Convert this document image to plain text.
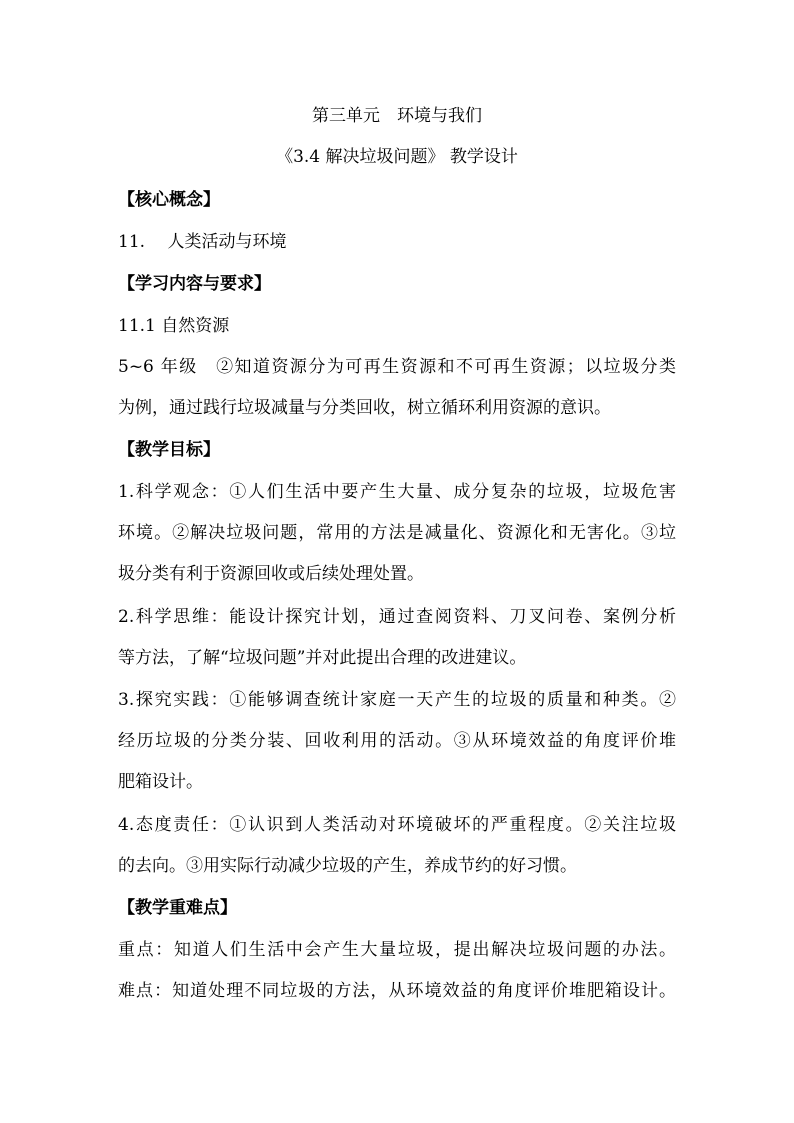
第三单元　环境与我们
《3.4 解决垃圾问题》 教学设计
【核心概念】
11.　 人类活动与环境
【学习内容与要求】
11.1 自然资源
5~6 年级　②知道资源分为可再生资源和不可再生资源；以垃圾分类
为例，通过践行垃圾减量与分类回收，树立循环利用资源的意识。
【教学目标】
1.科学观念：①人们生活中要产生大量、成分复杂的垃圾，垃圾危害
环境。②解决垃圾问题，常用的方法是减量化、资源化和无害化。③垃
圾分类有利于资源回收或后续处理处置。
2.科学思维：能设计探究计划，通过查阅资料、刀叉问卷、案例分析
等方法，了解“垃圾问题”并对此提出合理的改进建议。
3.探究实践：①能够调查统计家庭一天产生的垃圾的质量和种类。②
经历垃圾的分类分装、回收利用的活动。③从环境效益的角度评价堆
肥箱设计。
4.态度责任：①认识到人类活动对环境破坏的严重程度。②关注垃圾
的去向。③用实际行动减少垃圾的产生，养成节约的好习惯。
【教学重难点】
重点：知道人们生活中会产生大量垃圾，提出解决垃圾问题的办法。
难点：知道处理不同垃圾的方法，从环境效益的角度评价堆肥箱设计。
